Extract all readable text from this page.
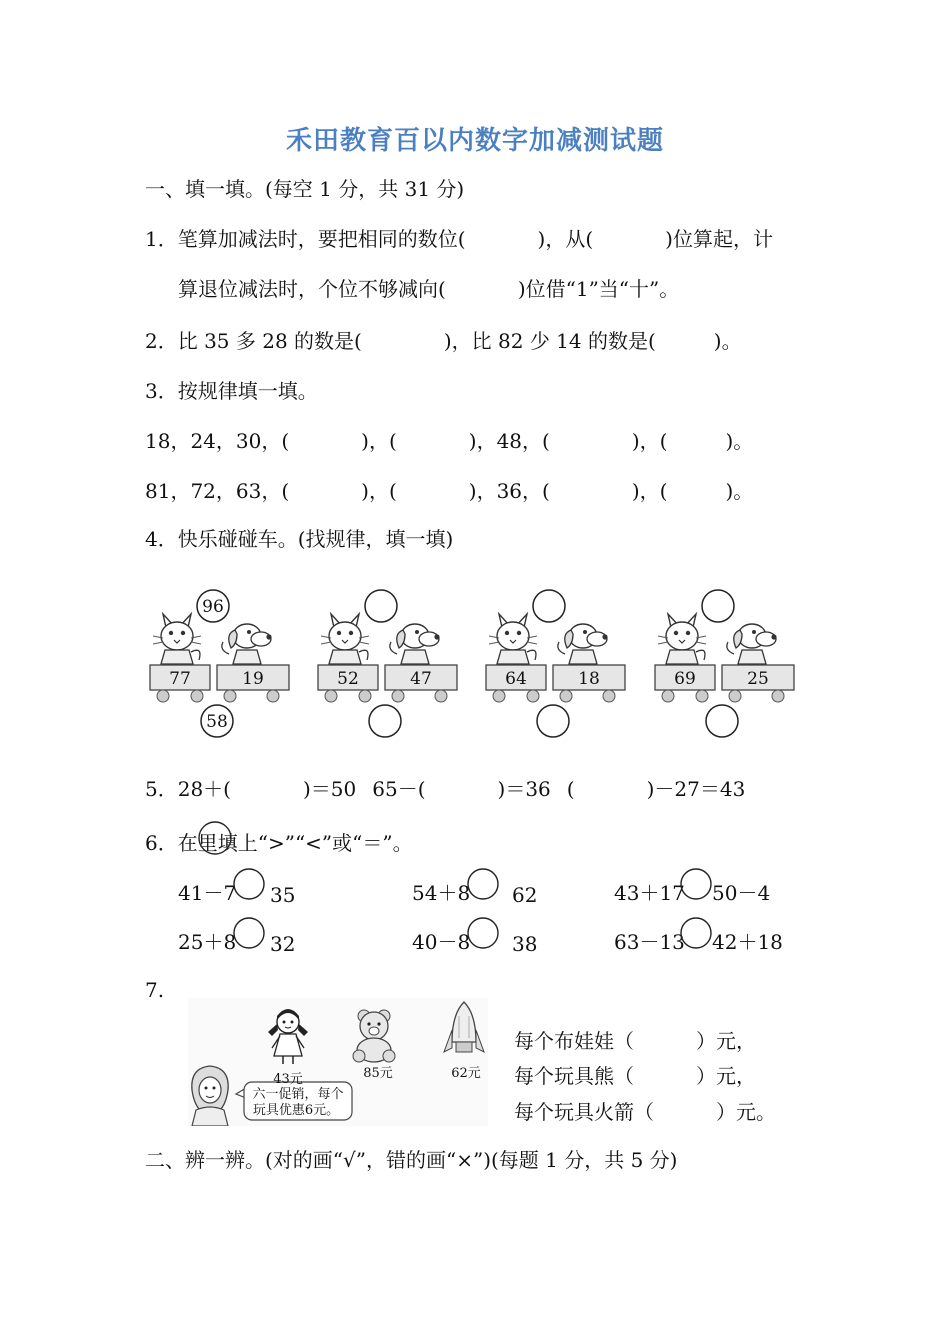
禾田教育百以内数字加减测试题
一、填一填。(每空 1 分，共 31 分)
1．笔算加减法时，要把相同的数位(	)，从(	)位算起，计
算退位减法时，个位不够减向(	)位借“1”当“十”。
2．比 35 多 28 的数是(	)，比 82 少 14 的数是(	)。
3．按规律填一填。
18，24，30，(	)，(	)，48，(	)，(	)。
81，72，63，(	)，(	)，36，(	)，(	)。
4．快乐碰碰车。(找规律，填一填)
96
58
77	19	52	47	64	18	69	25
5．28＋(	)＝50 65－(	)＝36 (	)－27＝43
6．在里填上“>”“<”或“＝”。
41－7 35	54＋8 62	43＋17 50－4
25＋8 32	40－8 38	63－13 42＋18
7.
43元	85元	62元
六一促销，每个
玩具优惠6元。
每个布娃娃（	）元，
每个玩具熊（	）元，
每个玩具火箭（	）元。
二、辨一辨。(对的画“√”，错的画“×”)(每题 1 分，共 5 分)
